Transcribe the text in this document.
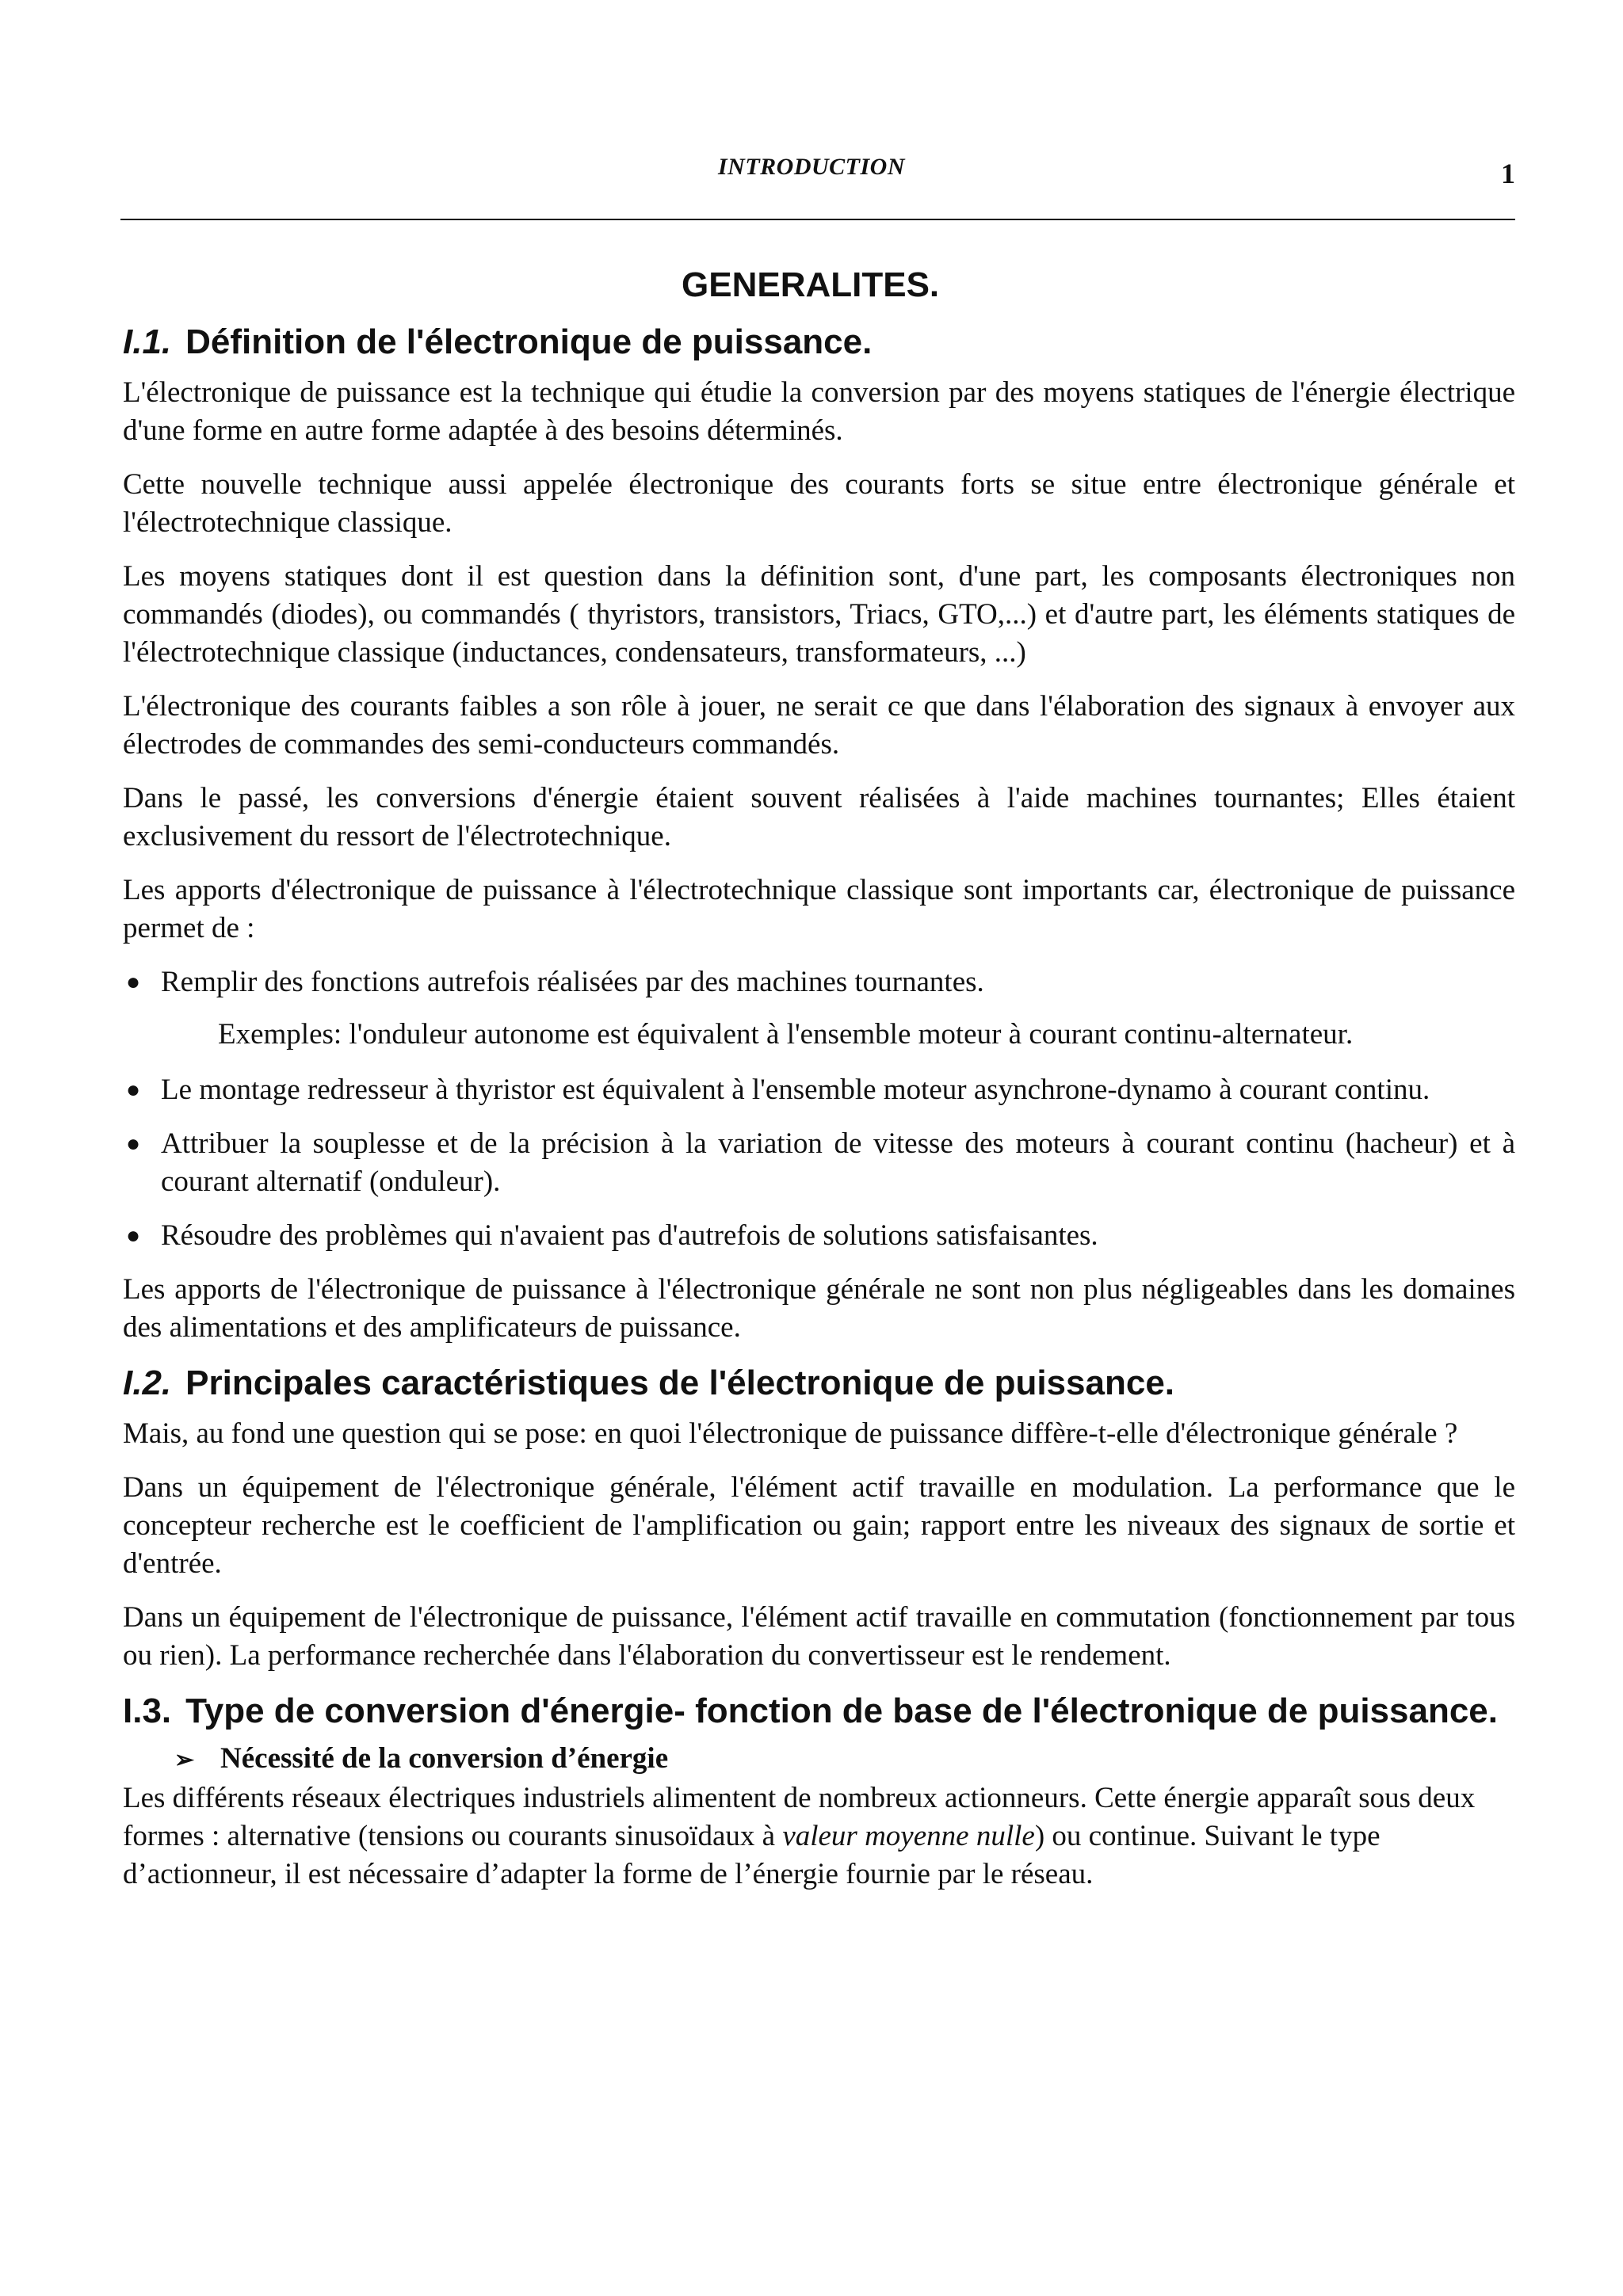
INTRODUCTION	1
GENERALITES.
I.1. Définition de l'électronique de puissance.

L'électronique de puissance est la technique qui étudie la conversion par des moyens statiques de l'énergie électrique d'une forme en autre forme adaptée à des besoins déterminés.

Cette nouvelle technique aussi appelée électronique des courants forts se situe entre électronique générale et l'électrotechnique classique.

Les moyens statiques dont il est question dans la définition sont, d'une part, les composants électroniques non commandés (diodes), ou commandés ( thyristors, transistors, Triacs, GTO,...) et d'autre part, les éléments statiques de l'électrotechnique classique (inductances, condensateurs, transformateurs, ...)

L'électronique des courants faibles a son rôle à jouer, ne serait ce que dans l'élaboration des signaux à envoyer aux électrodes de commandes des semi-conducteurs commandés.

Dans le passé, les conversions d'énergie étaient souvent réalisées à l'aide machines tournantes; Elles étaient exclusivement du ressort de l'électrotechnique.

Les apports d'électronique de puissance à l'électrotechnique classique sont importants car, électronique de puissance permet de :

● Remplir des fonctions autrefois réalisées par des machines tournantes.
Exemples: l'onduleur autonome est équivalent à l'ensemble moteur à courant continu-alternateur.
● Le montage redresseur à thyristor est équivalent à l'ensemble moteur asynchrone-dynamo à courant continu.
● Attribuer la souplesse et de la précision à la variation de vitesse des moteurs à courant continu (hacheur) et à courant alternatif (onduleur).
● Résoudre des problèmes qui n'avaient pas d'autrefois de solutions satisfaisantes.

Les apports de l'électronique de puissance à l'électronique générale ne sont non plus négligeables dans les domaines des alimentations et des amplificateurs de puissance.

I.2. Principales caractéristiques de l'électronique de puissance.

Mais, au fond une question qui se pose: en quoi l'électronique de puissance diffère-t-elle d'électronique générale ?

Dans un équipement de l'électronique générale, l'élément actif travaille en modulation. La performance que le concepteur recherche est le coefficient de l'amplification ou gain; rapport entre les niveaux des signaux de sortie et d'entrée.

Dans un équipement de l'électronique de puissance, l'élément actif travaille en commutation (fonctionnement par tous ou rien). La performance recherchée dans l'élaboration du convertisseur est le rendement.

I.3. Type de conversion d'énergie- fonction de base de l'électronique de puissance.
➢ Nécessité de la conversion d’énergie

Les différents réseaux électriques industriels alimentent de nombreux actionneurs. Cette énergie apparaît sous deux formes : alternative (tensions ou courants sinusoïdaux à valeur moyenne nulle) ou continue. Suivant le type d’actionneur, il est nécessaire d’adapter la forme de l’énergie fournie par le réseau.
